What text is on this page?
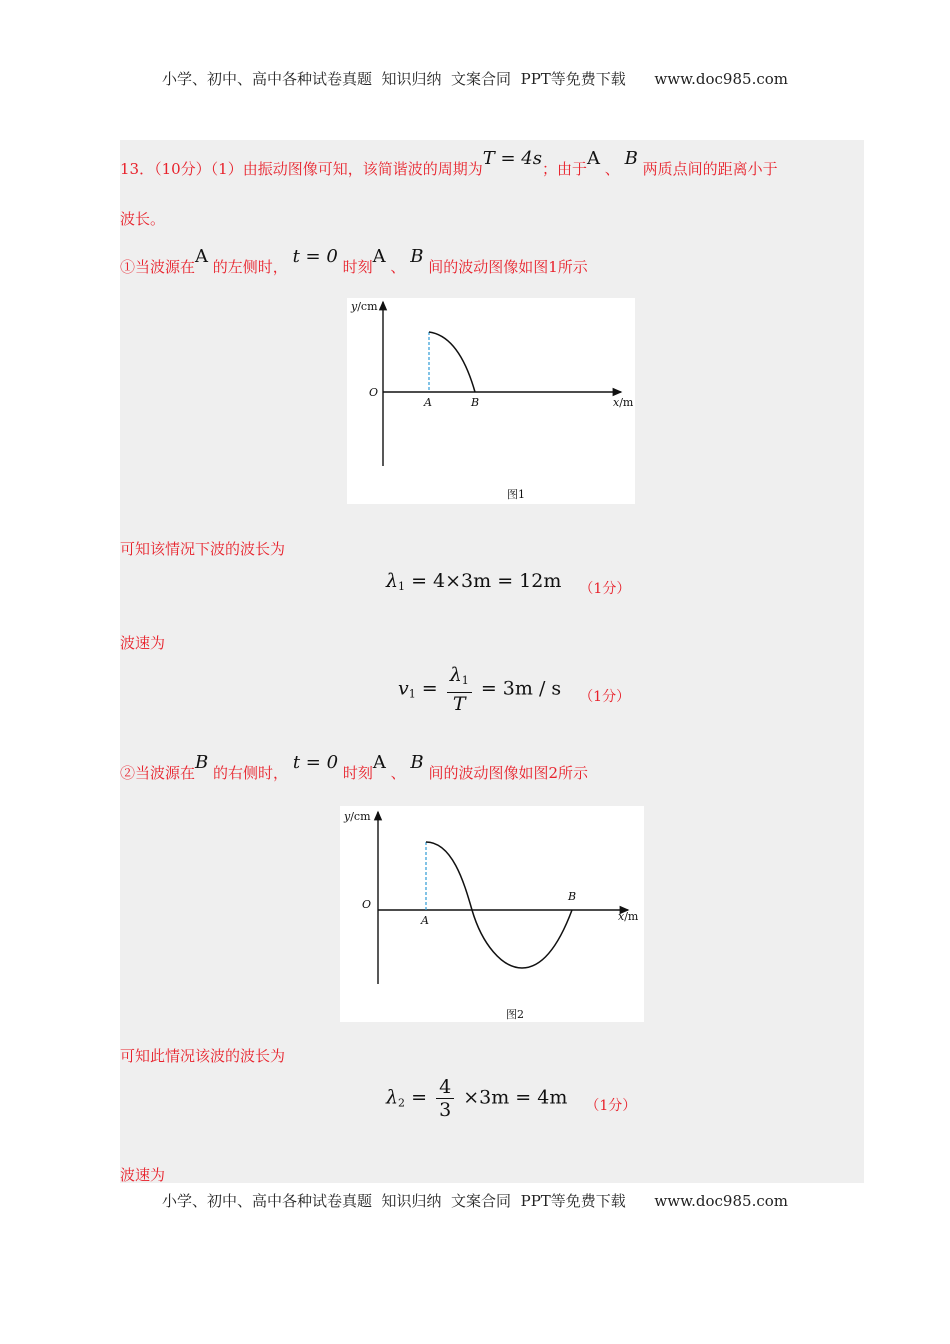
小学、初中、高中各种试卷真题  知识归纳  文案合同  PPT等免费下载      www.doc985.com
13．（10分）（1）由振动图像可知，该简谐波的周期为T = 4s；由于A 、 B 两质点间的距离小于
波长。
①当波源在A 的左侧时， t = 0 时刻A 、 B 间的波动图像如图1所示
可知该情况下波的波长为
$\lambda_1 = 4\times 3m = 12m$ $_{(1分)}$
波速为
$v_1 = \frac{\lambda_1}{T} = 3m / s$ $_{(1分)}$
②当波源在B 的右侧时， t = 0 时刻A 、 B 间的波动图像如图2所示
可知此情况该波的波长为
$\lambda_2 = \frac{4}{3} \times 3m = 4m$ $_{(1分)}$
波速为
y/cm
O
A	B	x/m
图1
y/cm
O
A
B
x/m
图2
小学、初中、高中各种试卷真题  知识归纳  文案合同  PPT等免费下载      www.doc985.com
